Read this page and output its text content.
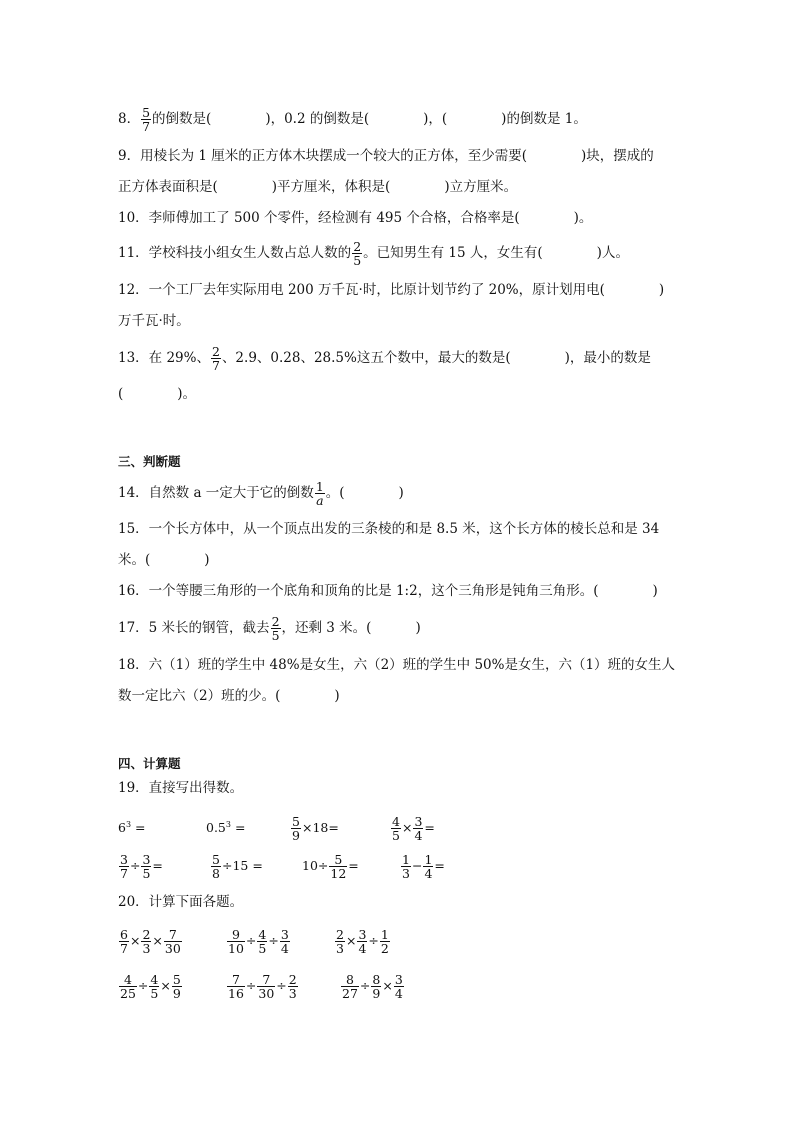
8． $\frac{5}{7}$ 的倒数是(	)，0.2 的倒数是(	)，(	)的倒数是 1。
9．用棱长为 1 厘米的正方体木块摆成一个较大的正方体，至少需要(	)块，摆成的
正方体表面积是(	)平方厘米，体积是(	)立方厘米。
10．李师傅加工了 500 个零件，经检测有 495 个合格，合格率是(	)。
11．学校科技小组女生人数占总人数的 $\frac{2}{5}$ 。已知男生有 15 人，女生有(	)人。
12．一个工厂去年实际用电 200 万千瓦·时，比原计划节约了 20%，原计划用电(	)
万千瓦·时。
13．在 29%、 $\frac{2}{7}$ 、2.9、0.28、28.5%这五个数中，最大的数是(	)，最小的数是
(	)。
三、判断题
14．自然数 a 一定大于它的倒数 $\frac{1}{a}$ 。(	)
15．一个长方体中，从一个顶点出发的三条棱的和是 8.5 米，这个长方体的棱长总和是 34
米。(	)
16．一个等腰三角形的一个底角和顶角的比是 1:2，这个三角形是钝角三角形。(	)
17．5 米长的钢管，截去 $\frac{2}{5}$ ，还剩 3 米。(	)
18．六（1）班的学生中 48%是女生，六（2）班的学生中 50%是女生，六（1）班的女生人
数一定比六（2）班的少。(	)
四、计算题
19．直接写出得数。
$6^3$ =	$0.5^3$ =	$\frac{5}{9} \times 18=$	$\frac{4}{5} \times \frac{3}{4}$ =
$\frac{3}{7} \div \frac{3}{5}$ =	$\frac{5}{8} \div 15$ =	$10\div \frac{5}{12}$ =	$\frac{1}{3} - \frac{1}{4}$ =
20．计算下面各题。
$\frac{6}{7} \times \frac{2}{3} \times \frac{7}{30}$	$\frac{9}{10} \div \frac{4}{5} \div \frac{3}{4}$	$\frac{2}{3} \times \frac{3}{4} \div \frac{1}{2}$
$\frac{4}{25} \div \frac{4}{5} \times \frac{5}{9}$	$\frac{7}{16} \div \frac{7}{30} \div \frac{2}{3}$	$\frac{8}{27} \div \frac{8}{9} \times \frac{3}{4}$
